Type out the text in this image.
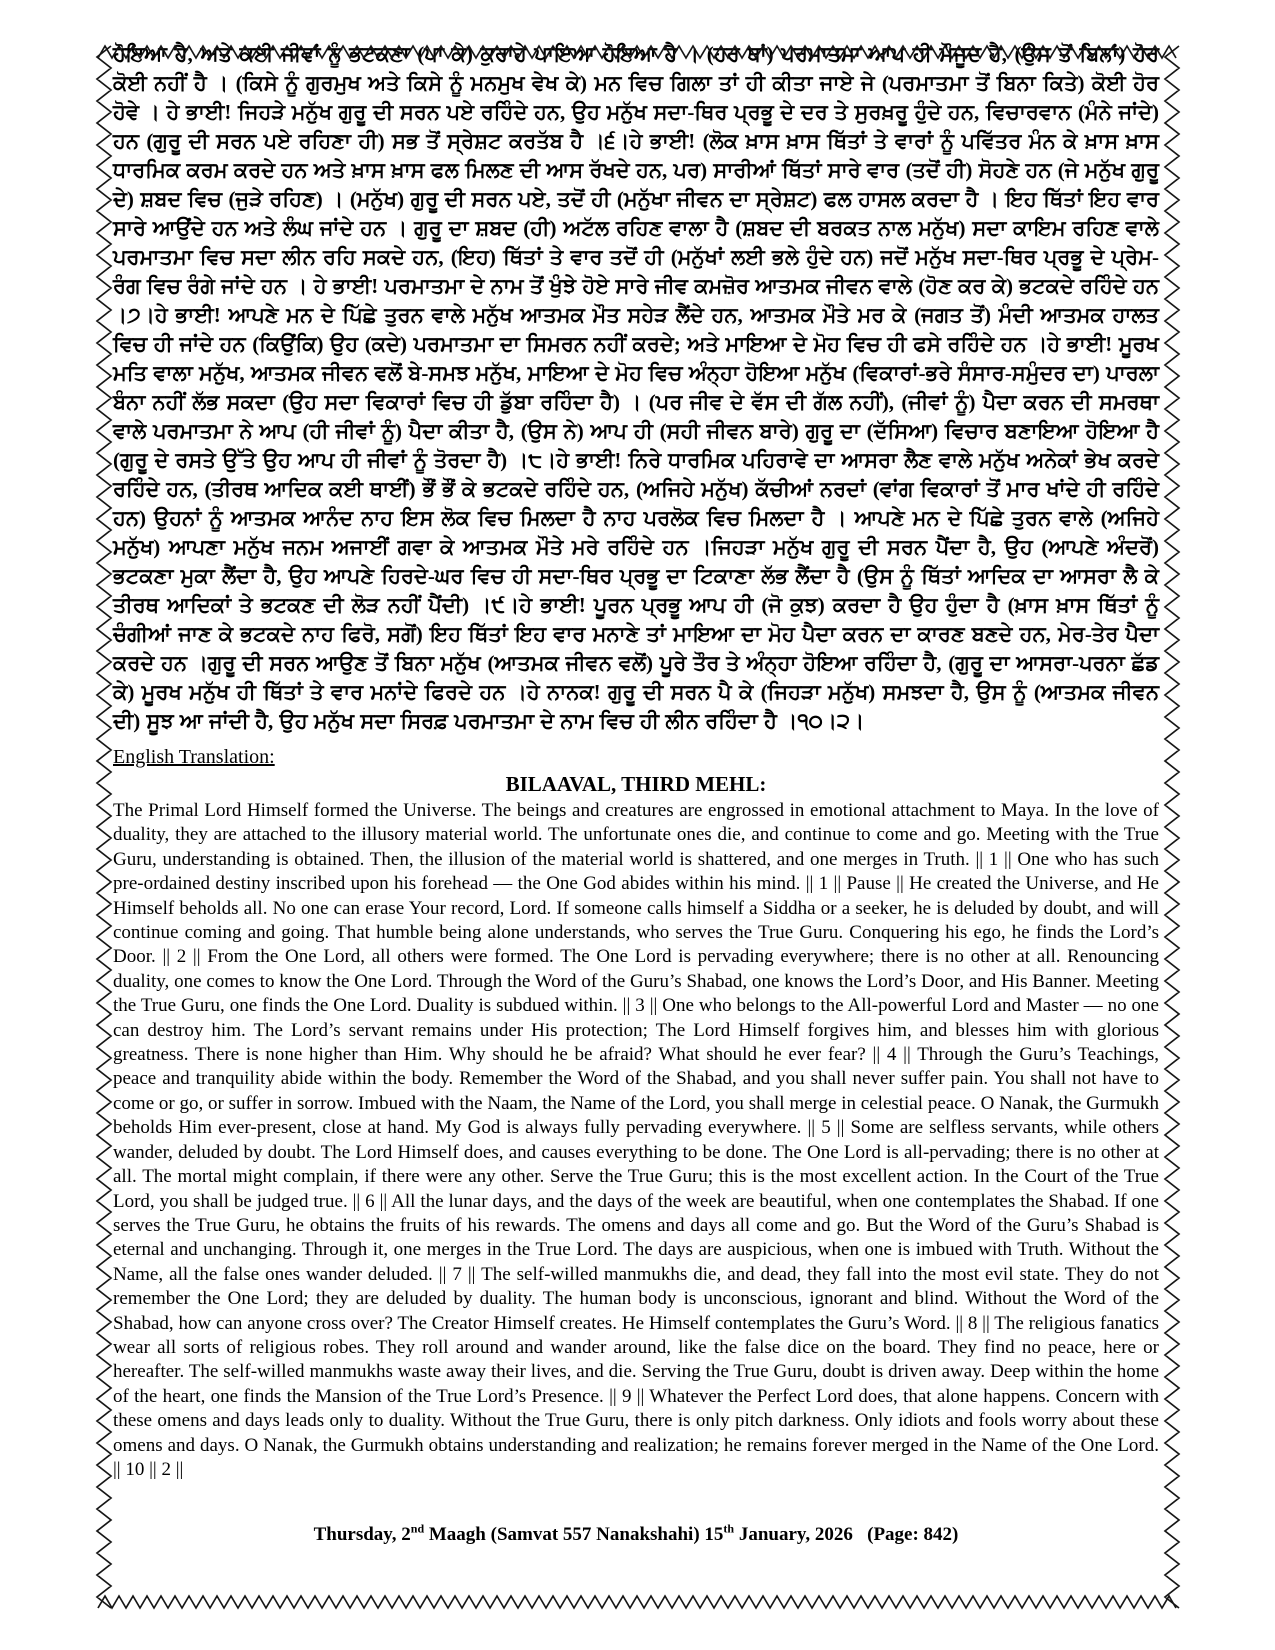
ਹੋਇਆ ਹੈ, ਅਤੇ ਕਈ ਜੀਵਾਂ ਨੂੰ ਭਟਕਣਾ (ਪਾ ਕੇ) ਕੁਰਾਹੇ ਪਾਇਆ ਹੋਇਆ ਹੈ । (ਹਰ ਥਾਂ) ਪਰਮਾਤਮਾ ਆਪ ਹੀ ਮੌਜੂਦ ਹੈ, (ਉਸ ਤੋਂ ਬਿਨਾਂ) ਹੋਰ ਕੋਈ ਨਹੀਂ ਹੈ । (ਕਿਸੇ ਨੂੰ ਗੁਰਮੁਖ ਅਤੇ ਕਿਸੇ ਨੂੰ ਮਨਮੁਖ ਵੇਖ ਕੇ) ਮਨ ਵਿਚ ਗਿਲਾ ਤਾਂ ਹੀ ਕੀਤਾ ਜਾਏ ਜੇ (ਪਰਮਾਤਮਾ ਤੋਂ ਬਿਨਾ ਕਿਤੇ) ਕੋਈ ਹੋਰ ਹੋਵੇ । ਹੇ ਭਾਈ! ਜਿਹੜੇ ਮਨੁੱਖ ਗੁਰੂ ਦੀ ਸਰਨ ਪਏ ਰਹਿੰਦੇ ਹਨ, ਉਹ ਮਨੁੱਖ ਸਦਾ-ਥਿਰ ਪ੍ਰਭੂ ਦੇ ਦਰ ਤੇ ਸੁਰਖ਼ਰੂ ਹੁੰਦੇ ਹਨ, ਵਿਚਾਰਵਾਨ (ਮੰਨੇ ਜਾਂਦੇ) ਹਨ (ਗੁਰੂ ਦੀ ਸਰਨ ਪਏ ਰਹਿਣਾ ਹੀ) ਸਭ ਤੋਂ ਸ੍ਰੇਸ਼ਟ ਕਰਤੱਬ ਹੈ ।੬।ਹੇ ਭਾਈ! (ਲੋਕ ਖ਼ਾਸ ਖ਼ਾਸ ਥਿੱਤਾਂ ਤੇ ਵਾਰਾਂ ਨੂੰ ਪਵਿੱਤਰ ਮੰਨ ਕੇ ਖ਼ਾਸ ਖ਼ਾਸ ਧਾਰਮਿਕ ਕਰਮ ਕਰਦੇ ਹਨ ਅਤੇ ਖ਼ਾਸ ਖ਼ਾਸ ਫਲ ਮਿਲਣ ਦੀ ਆਸ ਰੱਖਦੇ ਹਨ, ਪਰ) ਸਾਰੀਆਂ ਥਿੱਤਾਂ ਸਾਰੇ ਵਾਰ (ਤਦੋਂ ਹੀ) ਸੋਹਣੇ ਹਨ (ਜੇ ਮਨੁੱਖ ਗੁਰੂ ਦੇ) ਸ਼ਬਦ ਵਿਚ (ਜੁੜੇ ਰਹਿਣ) । (ਮਨੁੱਖ) ਗੁਰੂ ਦੀ ਸਰਨ ਪਏ, ਤਦੋਂ ਹੀ (ਮਨੁੱਖਾ ਜੀਵਨ ਦਾ ਸ੍ਰੇਸ਼ਟ) ਫਲ ਹਾਸਲ ਕਰਦਾ ਹੈ । ਇਹ ਥਿੱਤਾਂ ਇਹ ਵਾਰ ਸਾਰੇ ਆਉਂਦੇ ਹਨ ਅਤੇ ਲੰਘ ਜਾਂਦੇ ਹਨ । ਗੁਰੂ ਦਾ ਸ਼ਬਦ (ਹੀ) ਅਟੱਲ ਰਹਿਣ ਵਾਲਾ ਹੈ (ਸ਼ਬਦ ਦੀ ਬਰਕਤ ਨਾਲ ਮਨੁੱਖ) ਸਦਾ ਕਾਇਮ ਰਹਿਣ ਵਾਲੇ ਪਰਮਾਤਮਾ ਵਿਚ ਸਦਾ ਲੀਨ ਰਹਿ ਸਕਦੇ ਹਨ, (ਇਹ) ਥਿੱਤਾਂ ਤੇ ਵਾਰ ਤਦੋਂ ਹੀ (ਮਨੁੱਖਾਂ ਲਈ ਭਲੇ ਹੁੰਦੇ ਹਨ) ਜਦੋਂ ਮਨੁੱਖ ਸਦਾ-ਥਿਰ ਪ੍ਰਭੂ ਦੇ ਪ੍ਰੇਮ-ਰੰਗ ਵਿਚ ਰੰਗੇ ਜਾਂਦੇ ਹਨ । ਹੇ ਭਾਈ! ਪਰਮਾਤਮਾ ਦੇ ਨਾਮ ਤੋਂ ਖੁੰਝੇ ਹੋਏ ਸਾਰੇ ਜੀਵ ਕਮਜ਼ੋਰ ਆਤਮਕ ਜੀਵਨ ਵਾਲੇ (ਹੋਣ ਕਰ ਕੇ) ਭਟਕਦੇ ਰਹਿੰਦੇ ਹਨ ।੭।ਹੇ ਭਾਈ! ਆਪਣੇ ਮਨ ਦੇ ਪਿੱਛੇ ਤੁਰਨ ਵਾਲੇ ਮਨੁੱਖ ਆਤਮਕ ਮੌਤ ਸਹੇੜ ਲੈਂਦੇ ਹਨ, ਆਤਮਕ ਮੌਤੇ ਮਰ ਕੇ (ਜਗਤ ਤੋਂ) ਮੰਦੀ ਆਤਮਕ ਹਾਲਤ ਵਿਚ ਹੀ ਜਾਂਦੇ ਹਨ (ਕਿਉਂਕਿ) ਉਹ (ਕਦੇ) ਪਰਮਾਤਮਾ ਦਾ ਸਿਮਰਨ ਨਹੀਂ ਕਰਦੇ; ਅਤੇ ਮਾਇਆ ਦੇ ਮੋਹ ਵਿਚ ਹੀ ਫਸੇ ਰਹਿੰਦੇ ਹਨ ।ਹੇ ਭਾਈ! ਮੂਰਖ ਮਤਿ ਵਾਲਾ ਮਨੁੱਖ, ਆਤਮਕ ਜੀਵਨ ਵਲੋਂ ਬੇ-ਸਮਝ ਮਨੁੱਖ, ਮਾਇਆ ਦੇ ਮੋਹ ਵਿਚ ਅੰਨ੍ਹਾ ਹੋਇਆ ਮਨੁੱਖ (ਵਿਕਾਰਾਂ-ਭਰੇ ਸੰਸਾਰ-ਸਮੁੰਦਰ ਦਾ) ਪਾਰਲਾ ਬੰਨਾ ਨਹੀਂ ਲੱਭ ਸਕਦਾ (ਉਹ ਸਦਾ ਵਿਕਾਰਾਂ ਵਿਚ ਹੀ ਡੁੱਬਾ ਰਹਿੰਦਾ ਹੈ) । (ਪਰ ਜੀਵ ਦੇ ਵੱਸ ਦੀ ਗੱਲ ਨਹੀਂ), (ਜੀਵਾਂ ਨੂੰ) ਪੈਦਾ ਕਰਨ ਦੀ ਸਮਰਥਾ ਵਾਲੇ ਪਰਮਾਤਮਾ ਨੇ ਆਪ (ਹੀ ਜੀਵਾਂ ਨੂੰ) ਪੈਦਾ ਕੀਤਾ ਹੈ, (ਉਸ ਨੇ) ਆਪ ਹੀ (ਸਹੀ ਜੀਵਨ ਬਾਰੇ) ਗੁਰੂ ਦਾ (ਦੱਸਿਆ) ਵਿਚਾਰ ਬਣਾਇਆ ਹੋਇਆ ਹੈ (ਗੁਰੂ ਦੇ ਰਸਤੇ ਉੱਤੇ ਉਹ ਆਪ ਹੀ ਜੀਵਾਂ ਨੂੰ ਤੋਰਦਾ ਹੈ) ।੮।ਹੇ ਭਾਈ! ਨਿਰੇ ਧਾਰਮਿਕ ਪਹਿਰਾਵੇ ਦਾ ਆਸਰਾ ਲੈਣ ਵਾਲੇ ਮਨੁੱਖ ਅਨੇਕਾਂ ਭੇਖ ਕਰਦੇ ਰਹਿੰਦੇ ਹਨ, (ਤੀਰਥ ਆਦਿਕ ਕਈ ਥਾਈਂ) ਭੌਂ ਭੌਂ ਕੇ ਭਟਕਦੇ ਰਹਿੰਦੇ ਹਨ, (ਅਜਿਹੇ ਮਨੁੱਖ) ਕੱਚੀਆਂ ਨਰਦਾਂ (ਵਾਂਗ ਵਿਕਾਰਾਂ ਤੋਂ ਮਾਰ ਖਾਂਦੇ ਹੀ ਰਹਿੰਦੇ ਹਨ) ਉਹਨਾਂ ਨੂੰ ਆਤਮਕ ਆਨੰਦ ਨਾਹ ਇਸ ਲੋਕ ਵਿਚ ਮਿਲਦਾ ਹੈ ਨਾਹ ਪਰਲੋਕ ਵਿਚ ਮਿਲਦਾ ਹੈ । ਆਪਣੇ ਮਨ ਦੇ ਪਿੱਛੇ ਤੁਰਨ ਵਾਲੇ (ਅਜਿਹੇ ਮਨੁੱਖ) ਆਪਣਾ ਮਨੁੱਖ ਜਨਮ ਅਜਾਈਂ ਗਵਾ ਕੇ ਆਤਮਕ ਮੌਤੇ ਮਰੇ ਰਹਿੰਦੇ ਹਨ ।ਜਿਹੜਾ ਮਨੁੱਖ ਗੁਰੂ ਦੀ ਸਰਨ ਪੈਂਦਾ ਹੈ, ਉਹ (ਆਪਣੇ ਅੰਦਰੋਂ) ਭਟਕਣਾ ਮੁਕਾ ਲੈਂਦਾ ਹੈ, ਉਹ ਆਪਣੇ ਹਿਰਦੇ-ਘਰ ਵਿਚ ਹੀ ਸਦਾ-ਥਿਰ ਪ੍ਰਭੂ ਦਾ ਟਿਕਾਣਾ ਲੱਭ ਲੈਂਦਾ ਹੈ (ਉਸ ਨੂੰ ਥਿੱਤਾਂ ਆਦਿਕ ਦਾ ਆਸਰਾ ਲੈ ਕੇ ਤੀਰਥ ਆਦਿਕਾਂ ਤੇ ਭਟਕਣ ਦੀ ਲੋੜ ਨਹੀਂ ਪੈਂਦੀ) ।੯।ਹੇ ਭਾਈ! ਪੂਰਨ ਪ੍ਰਭੂ ਆਪ ਹੀ (ਜੋ ਕੁਝ) ਕਰਦਾ ਹੈ ਉਹ ਹੁੰਦਾ ਹੈ (ਖ਼ਾਸ ਖ਼ਾਸ ਥਿੱਤਾਂ ਨੂੰ ਚੰਗੀਆਂ ਜਾਣ ਕੇ ਭਟਕਦੇ ਨਾਹ ਫਿਰੋ, ਸਗੋਂ) ਇਹ ਥਿੱਤਾਂ ਇਹ ਵਾਰ ਮਨਾਣੇ ਤਾਂ ਮਾਇਆ ਦਾ ਮੋਹ ਪੈਦਾ ਕਰਨ ਦਾ ਕਾਰਣ ਬਣਦੇ ਹਨ, ਮੇਰ-ਤੇਰ ਪੈਦਾ ਕਰਦੇ ਹਨ ।ਗੁਰੂ ਦੀ ਸਰਨ ਆਉਣ ਤੋਂ ਬਿਨਾ ਮਨੁੱਖ (ਆਤਮਕ ਜੀਵਨ ਵਲੋਂ) ਪੂਰੇ ਤੌਰ ਤੇ ਅੰਨ੍ਹਾ ਹੋਇਆ ਰਹਿੰਦਾ ਹੈ, (ਗੁਰੂ ਦਾ ਆਸਰਾ-ਪਰਨਾ ਛੱਡ ਕੇ) ਮੂਰਖ ਮਨੁੱਖ ਹੀ ਥਿੱਤਾਂ ਤੇ ਵਾਰ ਮਨਾਂਦੇ ਫਿਰਦੇ ਹਨ ।ਹੇ ਨਾਨਕ! ਗੁਰੂ ਦੀ ਸਰਨ ਪੈ ਕੇ (ਜਿਹੜਾ ਮਨੁੱਖ) ਸਮਝਦਾ ਹੈ, ਉਸ ਨੂੰ (ਆਤਮਕ ਜੀਵਨ ਦੀ) ਸੂਝ ਆ ਜਾਂਦੀ ਹੈ, ਉਹ ਮਨੁੱਖ ਸਦਾ ਸਿਰਫ਼ ਪਰਮਾਤਮਾ ਦੇ ਨਾਮ ਵਿਚ ਹੀ ਲੀਨ ਰਹਿੰਦਾ ਹੈ ।੧੦।੨।
English Translation:
BILAAVAL, THIRD MEHL:
The Primal Lord Himself formed the Universe. The beings and creatures are engrossed in emotional attachment to Maya. In the love of duality, they are attached to the illusory material world. The unfortunate ones die, and continue to come and go. Meeting with the True Guru, understanding is obtained. Then, the illusion of the material world is shattered, and one merges in Truth. || 1 || One who has such pre-ordained destiny inscribed upon his forehead — the One God abides within his mind. || 1 || Pause || He created the Universe, and He Himself beholds all. No one can erase Your record, Lord. If someone calls himself a Siddha or a seeker, he is deluded by doubt, and will continue coming and going. That humble being alone understands, who serves the True Guru. Conquering his ego, he finds the Lord’s Door. || 2 || From the One Lord, all others were formed. The One Lord is pervading everywhere; there is no other at all. Renouncing duality, one comes to know the One Lord. Through the Word of the Guru’s Shabad, one knows the Lord’s Door, and His Banner. Meeting the True Guru, one finds the One Lord. Duality is subdued within. || 3 || One who belongs to the All-powerful Lord and Master — no one can destroy him. The Lord’s servant remains under His protection; The Lord Himself forgives him, and blesses him with glorious greatness. There is none higher than Him. Why should he be afraid? What should he ever fear? || 4 || Through the Guru’s Teachings, peace and tranquility abide within the body. Remember the Word of the Shabad, and you shall never suffer pain. You shall not have to come or go, or suffer in sorrow. Imbued with the Naam, the Name of the Lord, you shall merge in celestial peace. O Nanak, the Gurmukh beholds Him ever-present, close at hand. My God is always fully pervading everywhere. || 5 || Some are selfless servants, while others wander, deluded by doubt. The Lord Himself does, and causes everything to be done. The One Lord is all-pervading; there is no other at all. The mortal might complain, if there were any other. Serve the True Guru; this is the most excellent action. In the Court of the True Lord, you shall be judged true. || 6 || All the lunar days, and the days of the week are beautiful, when one contemplates the Shabad. If one serves the True Guru, he obtains the fruits of his rewards. The omens and days all come and go. But the Word of the Guru’s Shabad is eternal and unchanging. Through it, one merges in the True Lord. The days are auspicious, when one is imbued with Truth. Without the Name, all the false ones wander deluded. || 7 || The self-willed manmukhs die, and dead, they fall into the most evil state. They do not remember the One Lord; they are deluded by duality. The human body is unconscious, ignorant and blind. Without the Word of the Shabad, how can anyone cross over? The Creator Himself creates. He Himself contemplates the Guru’s Word. || 8 || The religious fanatics wear all sorts of religious robes. They roll around and wander around, like the false dice on the board. They find no peace, here or hereafter. The self-willed manmukhs waste away their lives, and die. Serving the True Guru, doubt is driven away. Deep within the home of the heart, one finds the Mansion of the True Lord’s Presence. || 9 || Whatever the Perfect Lord does, that alone happens. Concern with these omens and days leads only to duality. Without the True Guru, there is only pitch darkness. Only idiots and fools worry about these omens and days. O Nanak, the Gurmukh obtains understanding and realization; he remains forever merged in the Name of the One Lord. || 10 || 2 ||
Thursday, 2nd Maagh (Samvat 557 Nanakshahi) 15th January, 2026   (Page: 842)
